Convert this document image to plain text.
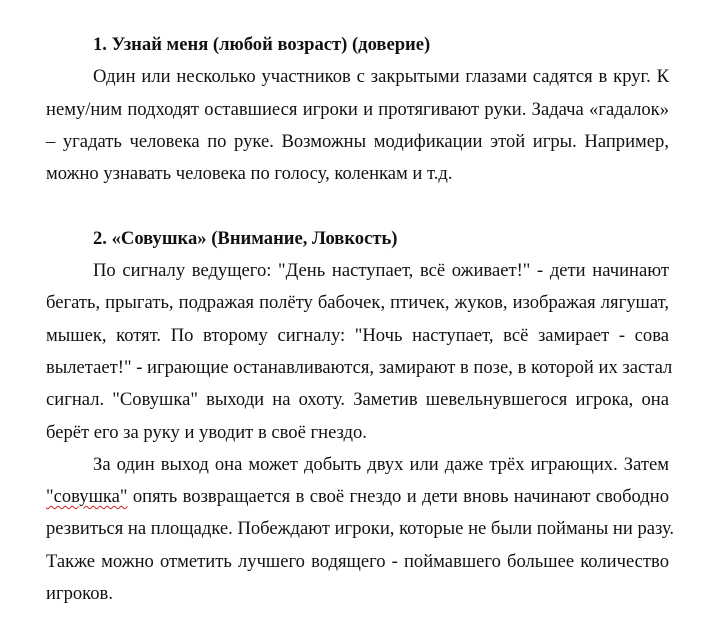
1. Узнай меня (любой возраст) (доверие)
Один или несколько участников с закрытыми глазами садятся в круг. К
нему/ним подходят оставшиеся игроки и протягивают руки. Задача «гадалок»
– угадать человека по руке. Возможны модификации этой игры. Например,
можно узнавать человека по голосу, коленкам и т.д.
2. «Совушка» (Внимание, Ловкость)
По сигналу ведущего: "День наступает, всё оживает!" - дети начинают
бегать, прыгать, подражая полёту бабочек, птичек, жуков, изображая лягушат,
мышек, котят. По второму сигналу: "Ночь наступает, всё замирает - сова
вылетает!" - играющие останавливаются, замирают в позе, в которой их застал
сигнал. "Совушка" выходи на охоту. Заметив шевельнувшегося игрока, она
берёт его за руку и уводит в своё гнездо.
За один выход она может добыть двух или даже трёх играющих. Затем
"совушка" опять возвращается в своё гнездо и дети вновь начинают свободно
резвиться на площадке. Побеждают игроки, которые не были пойманы ни разу.
Также можно отметить лучшего водящего - поймавшего большее количество
игроков.
